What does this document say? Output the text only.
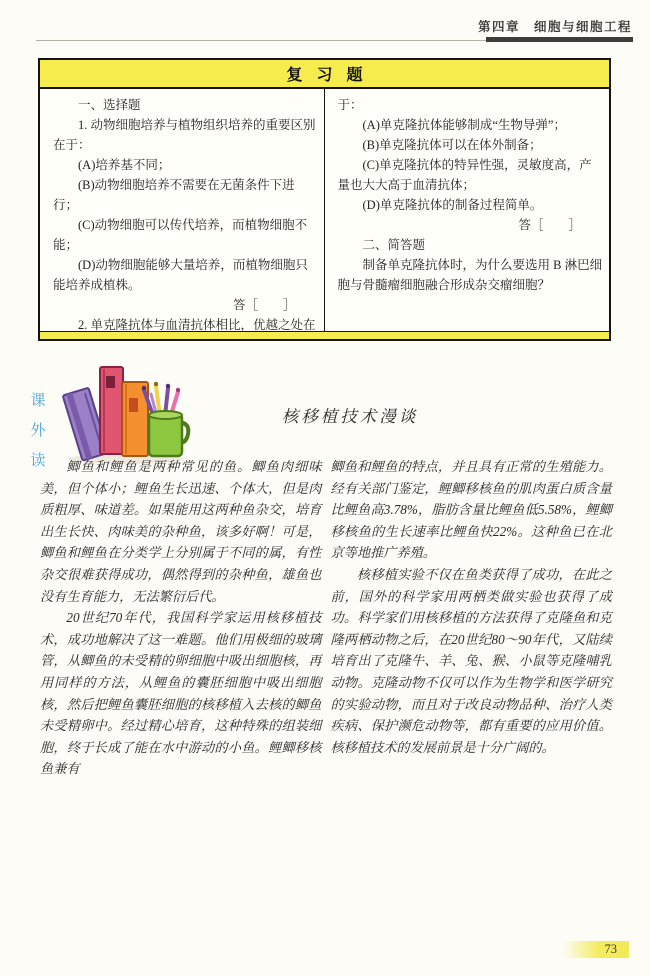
第四章　细胞与细胞工程
复习题

一、选择题

1. 动物细胞培养与植物组织培养的重要区别在于：

(A)培养基不同；

(B)动物细胞培养不需要在无菌条件下进行；

(C)动物细胞可以传代培养，而植物细胞不能；

(D)动物细胞能够大量培养，而植物细胞只能培养成植株。

答［　　］

2. 单克隆抗体与血清抗体相比，优越之处在

于：

(A)单克隆抗体能够制成“生物导弹”；

(B)单克隆抗体可以在体外制备；

(C)单克隆抗体的特异性强，灵敏度高，产量也大大高于血清抗体；

(D)单克隆抗体的制备过程简单。

答［　　］

二、简答题

制备单克隆抗体时，为什么要选用 B 淋巴细胞与骨髓瘤细胞融合形成杂交瘤细胞？

课
外
读
核移植技术漫谈

鲫鱼和鲤鱼是两种常见的鱼。鲫鱼肉细味美，但个体小；鲤鱼生长迅速、个体大，但是肉质粗厚、味道差。如果能用这两种鱼杂交，培育出生长快、肉味美的杂种鱼，该多好啊！可是，鲫鱼和鲤鱼在分类学上分别属于不同的属，有性杂交很难获得成功，偶然得到的杂种鱼，雄鱼也没有生育能力，无法繁衍后代。

20世纪70年代，我国科学家运用核移植技术，成功地解决了这一难题。他们用极细的玻璃管，从鲫鱼的未受精的卵细胞中吸出细胞核，再用同样的方法，从鲤鱼的囊胚细胞中吸出细胞核，然后把鲤鱼囊胚细胞的核移植入去核的鲫鱼未受精卵中。经过精心培育，这种特殊的组装细胞，终于长成了能在水中游动的小鱼。鲤鲫移核鱼兼有

鲫鱼和鲤鱼的特点，并且具有正常的生殖能力。经有关部门鉴定，鲤鲫移核鱼的肌肉蛋白质含量比鲤鱼高3.78%，脂肪含量比鲤鱼低5.58%，鲤鲫移核鱼的生长速率比鲤鱼快22%。这种鱼已在北京等地推广养殖。

核移植实验不仅在鱼类获得了成功，在此之前，国外的科学家用两栖类做实验也获得了成功。科学家们用核移植的方法获得了克隆鱼和克隆两栖动物之后，在20世纪80～90年代，又陆续培育出了克隆牛、羊、兔、猴、小鼠等克隆哺乳动物。克隆动物不仅可以作为生物学和医学研究的实验动物，而且对于改良动物品种、治疗人类疾病、保护濒危动物等，都有重要的应用价值。核移植技术的发展前景是十分广阔的。

73
